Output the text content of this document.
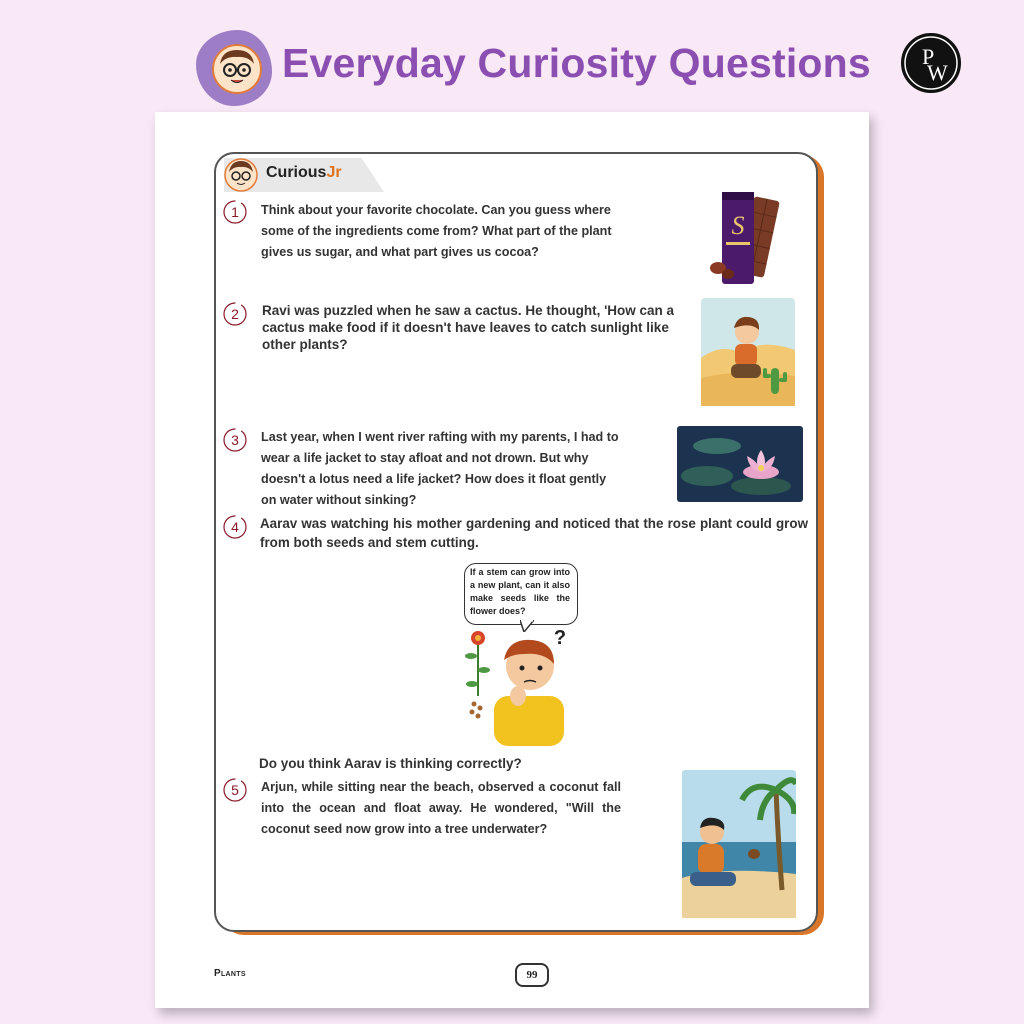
Everyday Curiosity Questions P
W
CuriousJr
1	Think about your favorite chocolate. Can you guess where some of the ingredients come from? What part of the plant gives us sugar, and what part gives us cocoa?
S
2	Ravi was puzzled when he saw a cactus. He thought, 'How can a cactus make food if it doesn't have leaves to catch sunlight like other plants?
3	Last year, when I went river rafting with my parents, I had to wear a life jacket to stay afloat and not drown. But why doesn't a lotus need a life jacket? How does it float gently on water without sinking?
4	Aarav was watching his mother gardening and noticed that the rose plant could grow from both seeds and stem cutting.
If a stem can grow into a new plant, can it also make seeds like the flower does?
?
Do you think Aarav is thinking correctly?
5	Arjun, while sitting near the beach, observed a coconut fall into the ocean and float away. He wondered, "Will the coconut seed now grow into a tree underwater?
Plants	99
